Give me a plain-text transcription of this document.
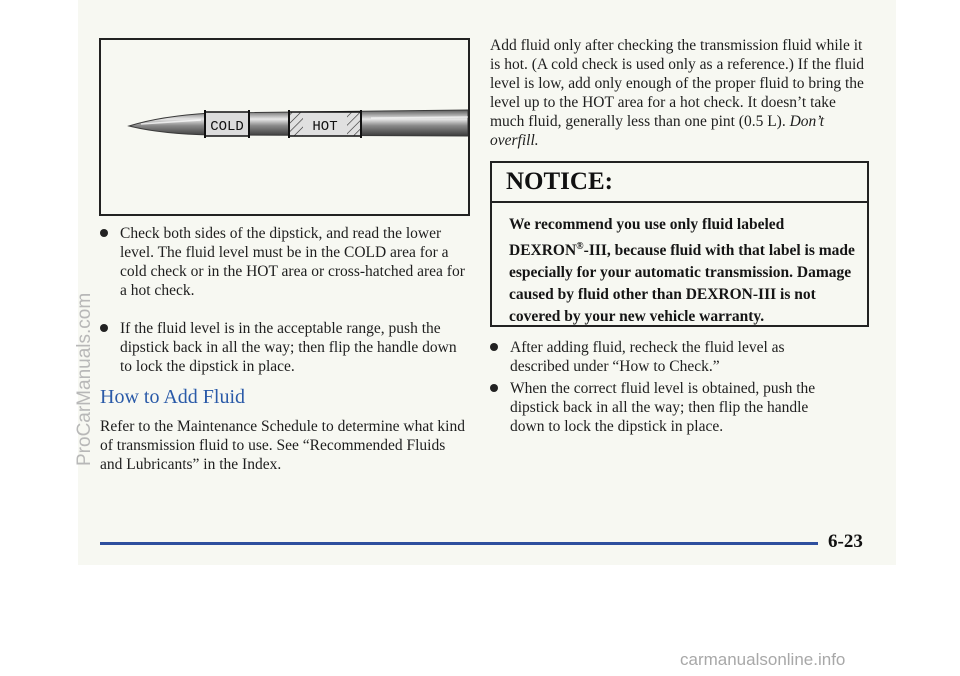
COLD	HOT
Check both sides of the dipstick, and read the lower level. The fluid level must be in the COLD area for a cold check or in the HOT area or cross-hatched area for a hot check.
If the fluid level is in the acceptable range, push the dipstick back in all the way; then flip the handle down to lock the dipstick in place.
How to Add Fluid
Refer to the Maintenance Schedule to determine what kind of transmission fluid to use. See “Recommended Fluids and Lubricants” in the Index.
Add fluid only after checking the transmission fluid while it is hot. (A cold check is used only as a reference.) If the fluid level is low, add only enough of the proper fluid to bring the level up to the HOT area for a hot check. It doesn’t take much fluid, generally less than one pint (0.5 L). Don’t overfill.
NOTICE:
We recommend you use only fluid labeled DEXRON®-III, because fluid with that label is made especially for your automatic transmission. Damage caused by fluid other than DEXRON-III is not covered by your new vehicle warranty.
After adding fluid, recheck the fluid level as described under “How to Check.”
When the correct fluid level is obtained, push the dipstick back in all the way; then flip the handle down to lock the dipstick in place.
6-23
ProCarManuals.com
carmanualsonline.info
